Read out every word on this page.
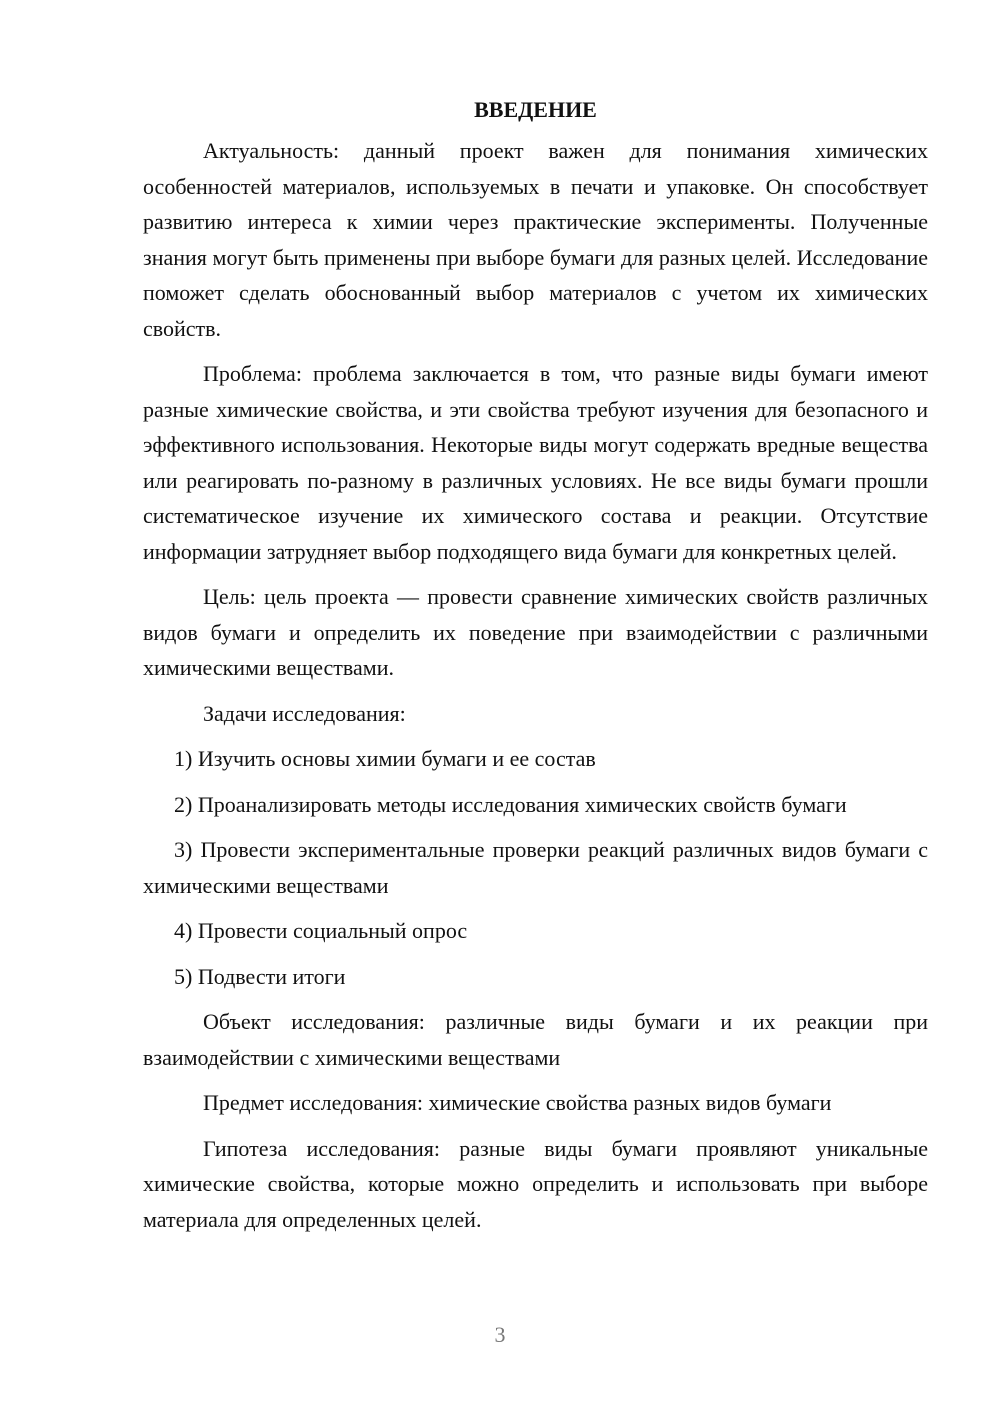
ВВЕДЕНИЕ

Актуальность: данный проект важен для понимания химических особенностей материалов, используемых в печати и упаковке. Он способствует развитию интереса к химии через практические эксперименты. Полученные знания могут быть применены при выборе бумаги для разных целей. Исследование поможет сделать обоснованный выбор материалов с учетом их химических свойств.

Проблема: проблема заключается в том, что разные виды бумаги имеют разные химические свойства, и эти свойства требуют изучения для безопасного и эффективного использования. Некоторые виды могут содержать вредные вещества или реагировать по-разному в различных условиях. Не все виды бумаги прошли систематическое изучение их химического состава и реакции. Отсутствие информации затрудняет выбор подходящего вида бумаги для конкретных целей.

Цель: цель проекта — провести сравнение химических свойств различных видов бумаги и определить их поведение при взаимодействии с различными химическими веществами.

Задачи исследования:

1) Изучить основы химии бумаги и ее состав

2) Проанализировать методы исследования химических свойств бумаги

3) Провести экспериментальные проверки реакций различных видов бумаги с химическими веществами

4) Провести социальный опрос

5) Подвести итоги

Объект исследования: различные виды бумаги и их реакции при взаимодействии с химическими веществами

Предмет исследования: химические свойства разных видов бумаги

Гипотеза исследования: разные виды бумаги проявляют уникальные химические свойства, которые можно определить и использовать при выборе материала для определенных целей.

3
